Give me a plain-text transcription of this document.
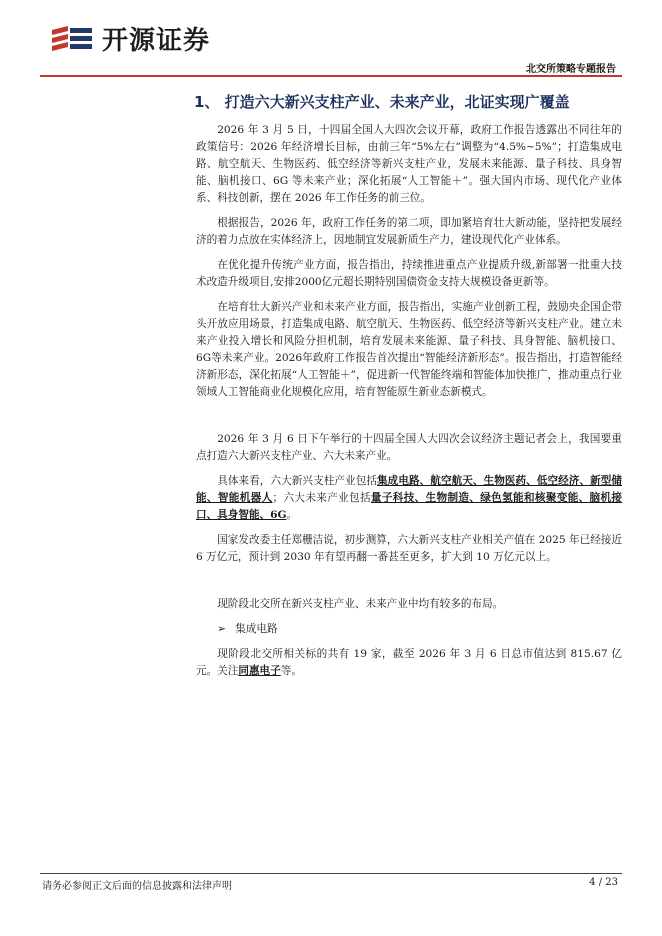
开源证券
北交所策略专题报告
1、 打造六大新兴支柱产业、未来产业，北证实现广覆盖

2026 年 3 月 5 日，十四届全国人大四次会议开幕，政府工作报告透露出不同往年的政策信号：2026 年经济增长目标，由前三年“5%左右”调整为“4.5%~5%”；打造集成电路、航空航天、生物医药、低空经济等新兴支柱产业，发展未来能源、量子科技、具身智能、脑机接口、6G 等未来产业；深化拓展“人工智能＋”。强大国内市场、现代化产业体系、科技创新，摆在 2026 年工作任务的前三位。

根据报告，2026 年，政府工作任务的第二项，即加紧培育壮大新动能，坚持把发展经济的着力点放在实体经济上，因地制宜发展新质生产力，建设现代化产业体系。

在优化提升传统产业方面，报告指出，持续推进重点产业提质升级,新部署一批重大技术改造升级项目,安排2000亿元超长期特别国债资金支持大规模设备更新等。

在培育壮大新兴产业和未来产业方面，报告指出，实施产业创新工程，鼓励央企国企带头开放应用场景，打造集成电路、航空航天、生物医药、低空经济等新兴支柱产业。建立未来产业投入增长和风险分担机制，培育发展未来能源、量子科技、具身智能、脑机接口、6G等未来产业。2026年政府工作报告首次提出“智能经济新形态”。报告指出，打造智能经济新形态，深化拓展“人工智能＋”，促进新一代智能终端和智能体加快推广，推动重点行业领域人工智能商业化规模化应用，培育智能原生新业态新模式。

2026 年 3 月 6 日下午举行的十四届全国人大四次会议经济主题记者会上，我国要重点打造六大新兴支柱产业、六大未来产业。

具体来看，六大新兴支柱产业包括集成电路、航空航天、生物医药、低空经济、新型储能、智能机器人；六大未来产业包括量子科技、生物制造、绿色氢能和核聚变能、脑机接口、具身智能、6G。

国家发改委主任郑栅洁说，初步测算，六大新兴支柱产业相关产值在 2025 年已经接近 6 万亿元，预计到 2030 年有望再翻一番甚至更多，扩大到 10 万亿元以上。

现阶段北交所在新兴支柱产业、未来产业中均有较多的布局。

➢ 集成电路

现阶段北交所相关标的共有 19 家，截至 2026 年 3 月 6 日总市值达到 815.67 亿元。关注同惠电子等。

请务必参阅正文后面的信息披露和法律声明	4 / 23
